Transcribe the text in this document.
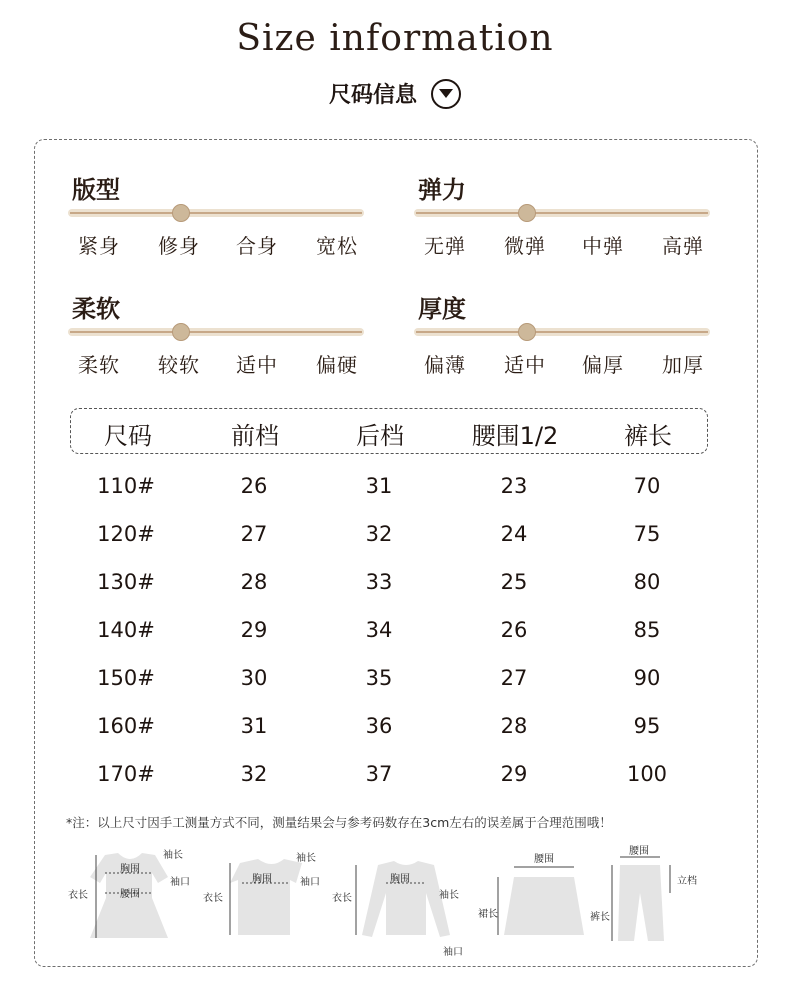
Size information
尺码信息
版型
紧身 修身 合身 宽松
弹力
无弹 微弹 中弹 高弹
柔软
柔软 较软 适中 偏硬
厚度
偏薄 适中 偏厚 加厚
尺码	前档	后档	腰围1/2	裤长
110#	26	31	23	70
120#	27	32	24	75
130#	28	33	25	80
140#	29	34	26	85
150#	30	35	27	90
160#	31	36	28	95
170#	32	37	29	100
*注：以上尺寸因手工测量方式不同，测量结果会与参考码数存在3cm左右的误差属于合理范围哦！
胸围
腰围
衣长
袖长
袖口	胸围
衣长
袖长
袖口	胸围
衣长	袖长
袖口
腰围
裙长
腰围
立档
裤长
